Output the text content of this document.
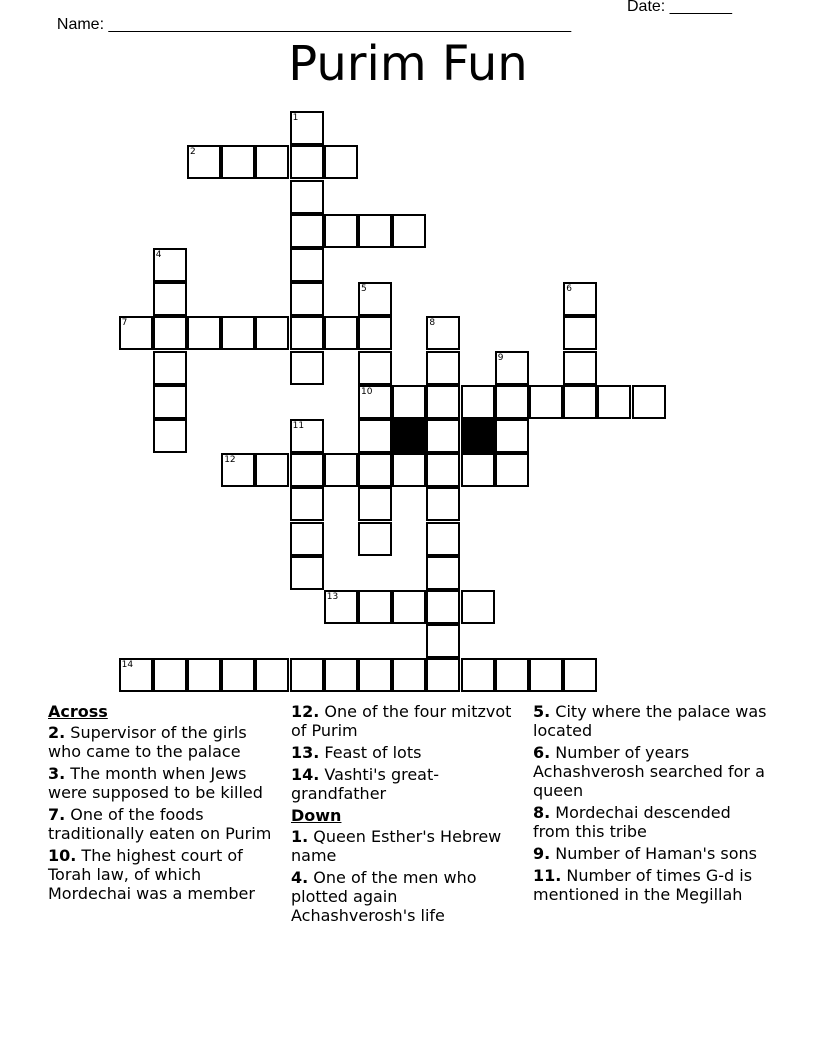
Name: ____________________________________________________

Date: _______

Purim Fun
1
2
4
7
5
10
6
8
9
11
12
13
14
Across
2. Supervisor of the girls who came to the palace
3. The month when Jews were supposed to be killed
7. One of the foods traditionally eaten on Purim
10. The highest court of Torah law, of which Mordechai was a member
12. One of the four mitzvot of Purim
13. Feast of lots
14. Vashti's great-grandfather
Down
1. Queen Esther's Hebrew name
4. One of the men who plotted again Achashverosh's life
5. City where the palace was located
6. Number of years Achashverosh searched for a queen
8. Mordechai descended from this tribe
9. Number of Haman's sons
11. Number of times G-d is mentioned in the Megillah
